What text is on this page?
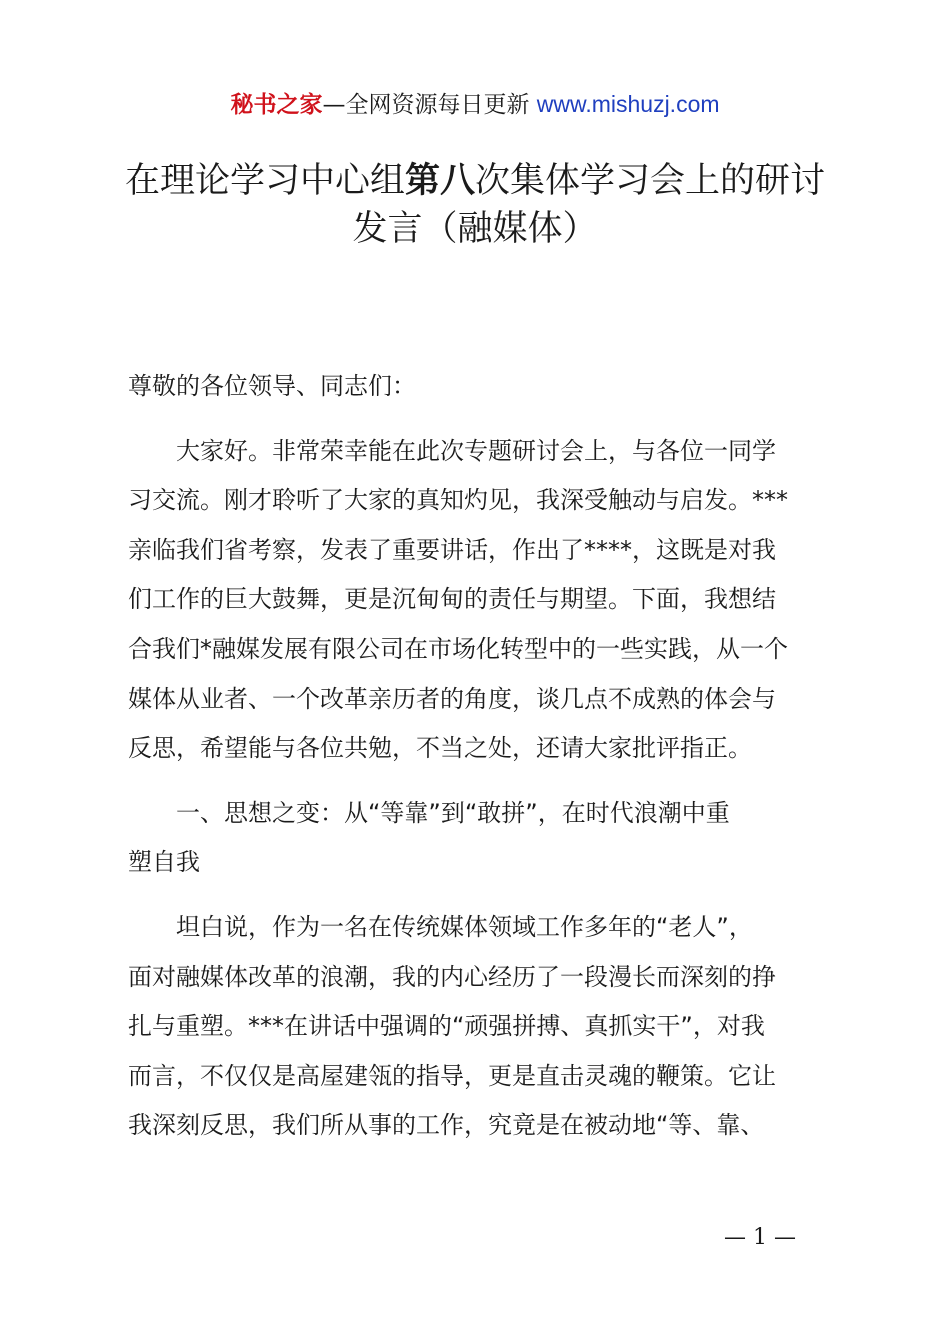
秘书之家—全网资源每日更新 www.mishuzj.com
在理论学习中心组第八次集体学习会上的研讨
发言（融媒体）
尊敬的各位领导、同志们：
大家好。非常荣幸能在此次专题研讨会上，与各位一同学
习交流。刚才聆听了大家的真知灼见，我深受触动与启发。***
亲临我们省考察，发表了重要讲话，作出了****，这既是对我
们工作的巨大鼓舞，更是沉甸甸的责任与期望。下面，我想结
合我们*融媒发展有限公司在市场化转型中的一些实践，从一个
媒体从业者、一个改革亲历者的角度，谈几点不成熟的体会与
反思，希望能与各位共勉，不当之处，还请大家批评指正。
一、思想之变：从“等靠”到“敢拼”，在时代浪潮中重
塑自我
坦白说，作为一名在传统媒体领域工作多年的“老人”，
面对融媒体改革的浪潮，我的内心经历了一段漫长而深刻的挣
扎与重塑。***在讲话中强调的“顽强拼搏、真抓实干”，对我
而言，不仅仅是高屋建瓴的指导，更是直击灵魂的鞭策。它让
我深刻反思，我们所从事的工作，究竟是在被动地“等、靠、
— 1 —
